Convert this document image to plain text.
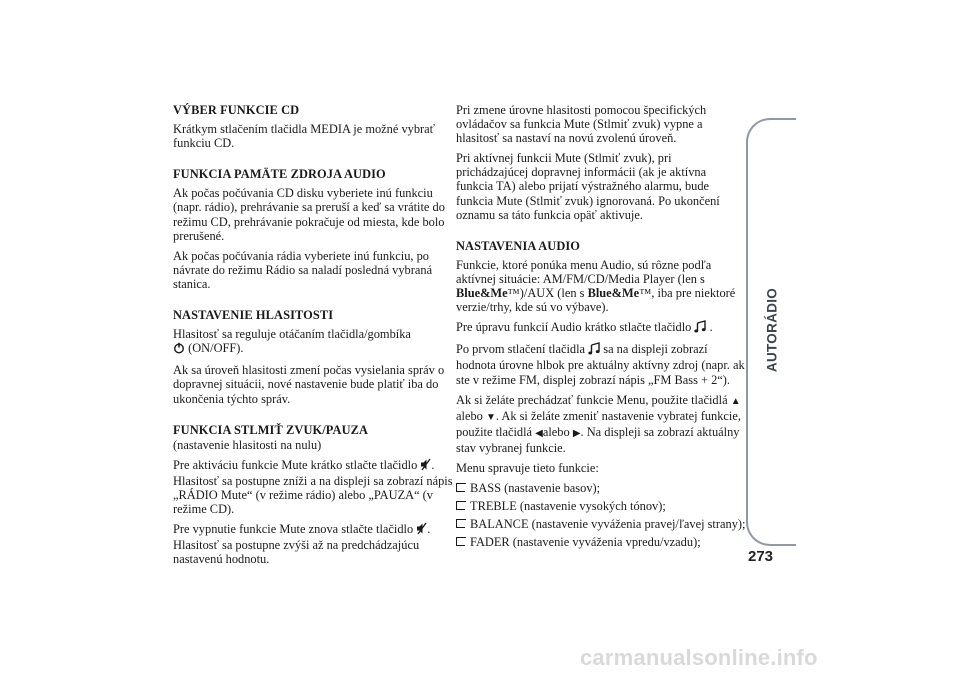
VÝBER FUNKCIE CD
Krátkym stlačením tlačidla MEDIA je možné vybrať funkciu CD.
FUNKCIA PAMÄTE ZDROJA AUDIO
Ak počas počúvania CD disku vyberiete inú funkciu (napr. rádio), prehrávanie sa preruší a keď sa vrátite do režimu CD, prehrávanie pokračuje od miesta, kde bolo prerušené.
Ak počas počúvania rádia vyberiete inú funkciu, po návrate do režimu Rádio sa naladí posledná vybraná stanica.
NASTAVENIE HLASITOSTI
Hlasitosť sa reguluje otáčaním tlačidla/gombíka
(ON/OFF).
Ak sa úroveň hlasitosti zmení počas vysielania správ o dopravnej situácii, nové nastavenie bude platiť iba do ukončenia týchto správ.
FUNKCIA STLMIŤ ZVUK/PAUZA
(nastavenie hlasitosti na nulu)
Pre aktiváciu funkcie Mute krátko stlačte tlačidlo . Hlasitosť sa postupne zníži a na displeji sa zobrazí nápis „RÁDIO Mute“ (v režime rádio) alebo „PAUZA“ (v režime CD).
Pre vypnutie funkcie Mute znova stlačte tlačidlo . Hlasitosť sa postupne zvýši až na predchádzajúcu nastavenú hodnotu.
Pri zmene úrovne hlasitosti pomocou špecifických ovládačov sa funkcia Mute (Stlmiť zvuk) vypne a hlasitosť sa nastaví na novú zvolenú úroveň.
Pri aktívnej funkcii Mute (Stlmiť zvuk), pri prichádzajúcej dopravnej informácii (ak je aktívna funkcia TA) alebo prijatí výstražného alarmu, bude funkcia Mute (Stlmiť zvuk) ignorovaná. Po ukončení oznamu sa táto funkcia opäť aktivuje.
NASTAVENIA AUDIO
Funkcie, ktoré ponúka menu Audio, sú rôzne podľa aktívnej situácie: AM/FM/CD/Media Player (len s Blue&Me™)/AUX (len s Blue&Me™, iba pre niektoré verzie/trhy, kde sú vo výbave).
Pre úpravu funkcií Audio krátko stlačte tlačidlo .
Po prvom stlačení tlačidla sa na displeji zobrazí hodnota úrovne hlbok pre aktuálny aktívny zdroj (napr. ak ste v režime FM, displej zobrazí nápis „FM Bass + 2“).
Ak si želáte prechádzať funkcie Menu, použite tlačidlá ▲ alebo ▼. Ak si želáte zmeniť nastavenie vybratej funkcie, použite tlačidlá ◀alebo ▶. Na displeji sa zobrazí aktuálny stav vybranej funkcie.
Menu spravuje tieto funkcie:
BASS (nastavenie basov);
TREBLE (nastavenie vysokých tónov);
BALANCE (nastavenie vyváženia pravej/ľavej strany);
FADER (nastavenie vyváženia vpredu/vzadu);
AUTORÁDIO
273
carmanualsonline.info
